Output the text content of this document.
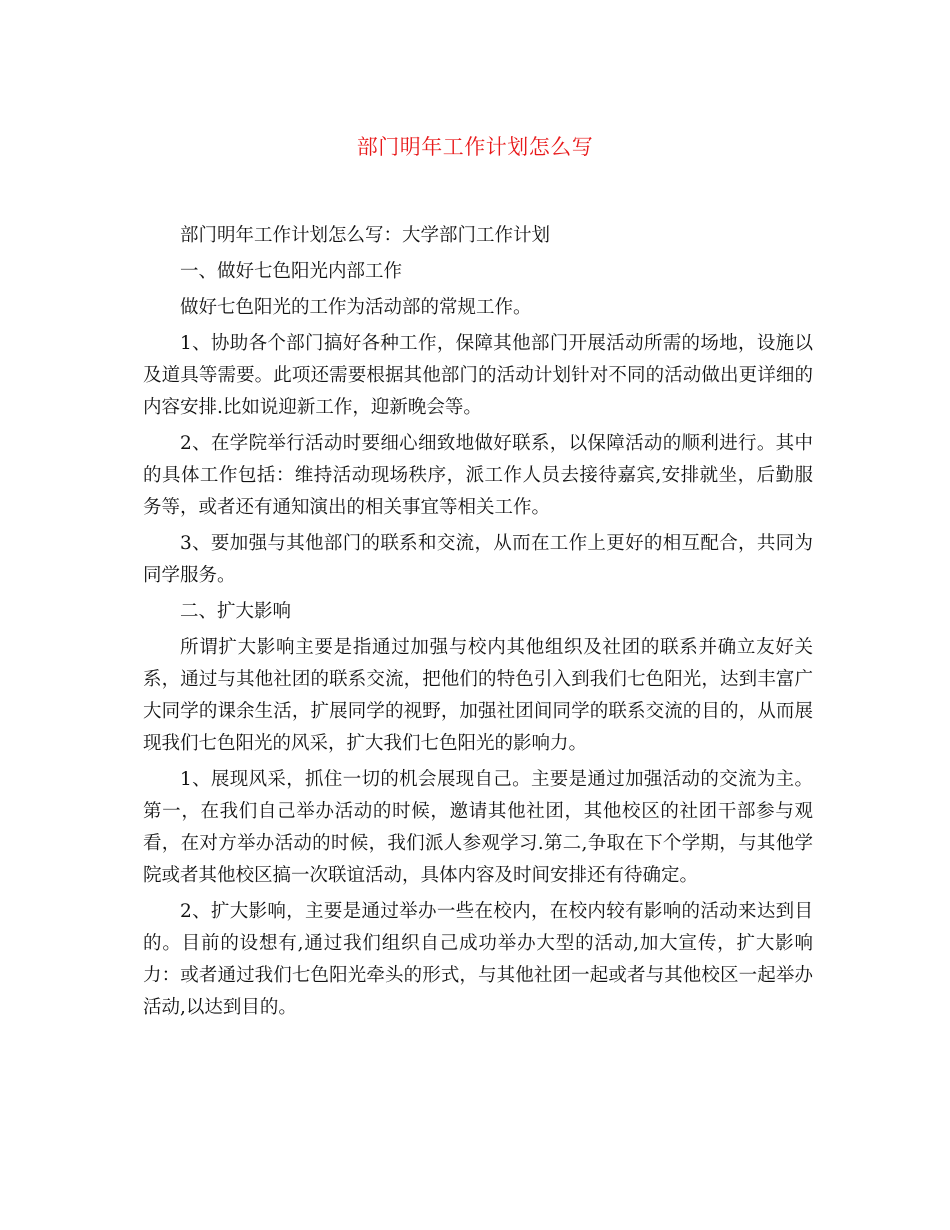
部门明年工作计划怎么写

部门明年工作计划怎么写：大学部门工作计划

一、做好七色阳光内部工作

做好七色阳光的工作为活动部的常规工作。

1、协助各个部门搞好各种工作，保障其他部门开展活动所需的场地，设施以及道具等需要。此项还需要根据其他部门的活动计划针对不同的活动做出更详细的内容安排.比如说迎新工作，迎新晚会等。

2、在学院举行活动时要细心细致地做好联系，以保障活动的顺利进行。其中的具体工作包括：维持活动现场秩序，派工作人员去接待嘉宾,安排就坐，后勤服务等，或者还有通知演出的相关事宜等相关工作。

3、要加强与其他部门的联系和交流，从而在工作上更好的相互配合，共同为同学服务。

二、扩大影响

所谓扩大影响主要是指通过加强与校内其他组织及社团的联系并确立友好关系，通过与其他社团的联系交流，把他们的特色引入到我们七色阳光，达到丰富广大同学的课余生活，扩展同学的视野，加强社团间同学的联系交流的目的，从而展现我们七色阳光的风采，扩大我们七色阳光的影响力。

1、展现风采，抓住一切的机会展现自己。主要是通过加强活动的交流为主。第一，在我们自己举办活动的时候，邀请其他社团，其他校区的社团干部参与观看，在对方举办活动的时候，我们派人参观学习.第二,争取在下个学期，与其他学院或者其他校区搞一次联谊活动，具体内容及时间安排还有待确定。

2、扩大影响，主要是通过举办一些在校内，在校内较有影响的活动来达到目的。目前的设想有,通过我们组织自己成功举办大型的活动,加大宣传，扩大影响力：或者通过我们七色阳光牵头的形式，与其他社团一起或者与其他校区一起举办活动,以达到目的。
